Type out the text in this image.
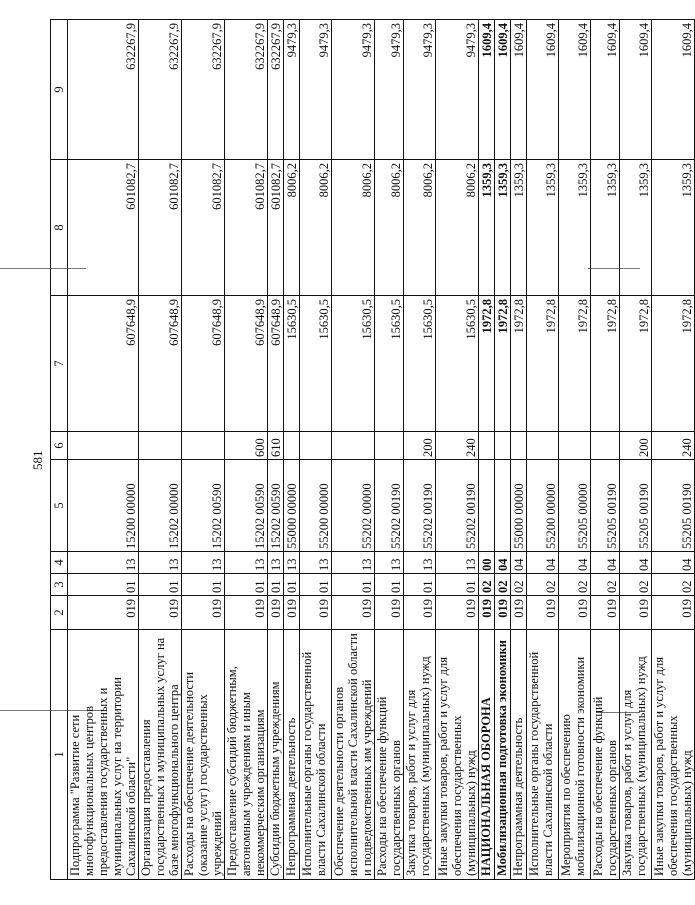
581
1	2	3	4	5	6	7	8	9
Подпрограмма "Развитие сети многофункциональных центров предоставления государственных и муниципальных услуг на территории Сахалинской области"	019	01	13	15200 00000		607648,9	601082,7	632267,9
Организация предоставления государственных и муниципальных услуг на базе многофункционального центра	019	01	13	15202 00000		607648,9	601082,7	632267,9
Расходы на обеспечение деятельности (оказание услуг) государственных учреждений	019	01	13	15202 00590		607648,9	601082,7	632267,9
Предоставление субсидий бюджетным, автономным учреждениям и иным некоммерческим организациям	019	01	13	15202 00590	600	607648,9	601082,7	632267,9
Субсидии бюджетным учреждениям	019	01	13	15202 00590	610	607648,9	601082,7	632267,9
Непрограммная деятельность	019	01	13	55000 00000		15630,5	8006,2	9479,3
Исполнительные органы государственной власти Сахалинской области	019	01	13	55200 00000		15630,5	8006,2	9479,3
Обеспечение деятельности органов исполнительной власти Сахалинской области и подведомственных им учреждений	019	01	13	55202 00000		15630,5	8006,2	9479,3
Расходы на обеспечение функций государственных органов	019	01	13	55202 00190		15630,5	8006,2	9479,3
Закупка товаров, работ и услуг для государственных (муниципальных) нужд	019	01	13	55202 00190	200	15630,5	8006,2	9479,3
Иные закупки товаров, работ и услуг для обеспечения государственных (муниципальных) нужд	019	01	13	55202 00190	240	15630,5	8006,2	9479,3
НАЦИОНАЛЬНАЯ ОБОРОНА	019	02	00			1972,8	1359,3	1609,4
Мобилизационная подготовка экономики	019	02	04			1972,8	1359,3	1609,4
Непрограммная деятельность	019	02	04	55000 00000		1972,8	1359,3	1609,4
Исполнительные органы государственной власти Сахалинской области	019	02	04	55200 00000		1972,8	1359,3	1609,4
Мероприятия по обеспечению мобилизационной готовности экономики	019	02	04	55205 00000		1972,8	1359,3	1609,4
Расходы на обеспечение функций государственных органов	019	02	04	55205 00190		1972,8	1359,3	1609,4
Закупка товаров, работ и услуг для государственных (муниципальных) нужд	019	02	04	55205 00190	200	1972,8	1359,3	1609,4
Иные закупки товаров, работ и услуг для обеспечения государственных (муниципальных) нужд	019	02	04	55205 00190	240	1972,8	1359,3	1609,4
